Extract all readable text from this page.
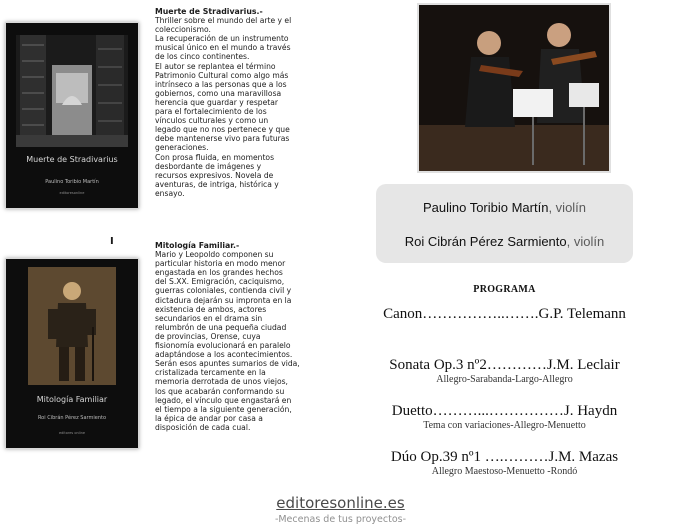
Muerte de Stradivarius
Paulino Toribio Martín
editoresonline
I
Mitología Familiar
Roi Cibrán Pérez Sarmiento
editores online
Muerte de Stradivarius.-
Thriller sobre el mundo del arte y el
coleccionismo.
La recuperación de un instrumento
musical único en el mundo a través
de los cinco continentes.
El autor se replantea el término
Patrimonio Cultural como algo más
intrínseco a las personas que a los
gobiernos, como una maravillosa
herencia que guardar y respetar
para el fortalecimiento de los
vínculos culturales y como un
legado que no nos pertenece y que
debe mantenerse vivo para futuras
generaciones.
Con prosa fluida, en momentos
desbordante de imágenes y
recursos expresivos. Novela de
aventuras, de intriga, histórica y
ensayo.
Mitología Familiar.-
Mario y Leopoldo componen su
particular historia en modo menor
engastada en los grandes hechos
del S.XX. Emigración, caciquismo,
guerras coloniales, contienda civil y
dictadura dejarán su impronta en la
existencia de ambos, actores
secundarios en el drama sin
relumbrón de una pequeña ciudad
de provincias, Orense, cuya
fisionomía evolucionará en paralelo
adaptándose a los acontecimientos.
Serán esos apuntes sumarios de vida,
cristalizada tercamente en la
memoria derrotada de unos viejos,
los que acabarán conformando su
legado, el vínculo que engastará en
el tiempo a la siguiente generación,
la épica de andar por casa a
disposición de cada cual.
Paulino Toribio Martín, violín
Roi Cibrán Pérez Sarmiento, violín
PROGRAMA
Canon……………..…….G.P. Telemann
Sonata Op.3 nº2…………J.M. Leclair
Allegro-Sarabanda-Largo-Allegro
Duetto………...……………J. Haydn
Tema con variaciones-Allegro-Menuetto
Dúo Op.39 nº1 ….………J.M. Mazas
Allegro Maestoso-Menuetto -Rondó
editoresonline.es
-Mecenas de tus proyectos-
